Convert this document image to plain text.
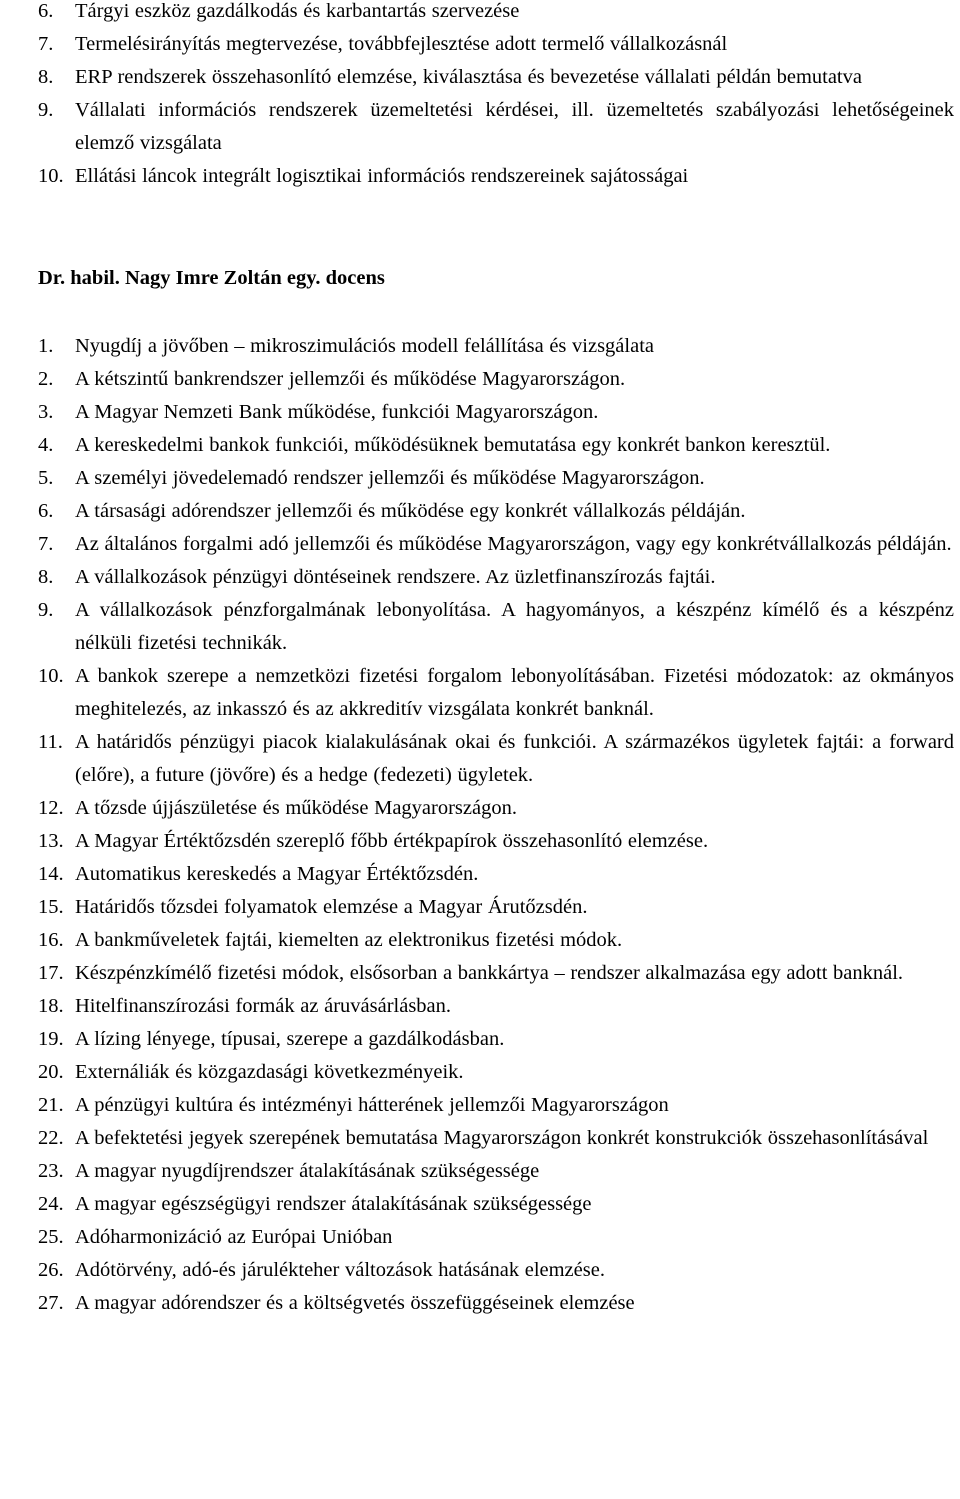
6.	Tárgyi eszköz gazdálkodás és karbantartás szervezése
7.	Termelésirányítás megtervezése, továbbfejlesztése adott termelő vállalkozásnál
8.	ERP rendszerek összehasonlító elemzése, kiválasztása és bevezetése vállalati példán bemutatva
9.	Vállalati információs rendszerek üzemeltetési kérdései, ill. üzemeltetés szabályozási lehetőségeinek elemző vizsgálata
10. Ellátási láncok integrált logisztikai információs rendszereinek sajátosságai

Dr. habil. Nagy Imre Zoltán egy. docens

1.	Nyugdíj a jövőben – mikroszimulációs modell felállítása és vizsgálata
2.	A kétszintű bankrendszer jellemzői és működése Magyarországon.
3.	A Magyar Nemzeti Bank működése, funkciói Magyarországon.
4.	A kereskedelmi bankok funkciói, működésüknek bemutatása egy konkrét bankon keresztül.
5.	A személyi jövedelemadó rendszer jellemzői és működése Magyarországon.
6.	A társasági adórendszer jellemzői és működése egy konkrét vállalkozás példáján.
7.	Az általános forgalmi adó jellemzői és működése Magyarországon, vagy egy konkrétvállalkozás példáján.
8.	A vállalkozások pénzügyi döntéseinek rendszere. Az üzletfinanszírozás fajtái.
9.	A vállalkozások pénzforgalmának lebonyolítása. A hagyományos, a készpénz kímélő és a készpénz nélküli fizetési technikák.
10. A bankok szerepe a nemzetközi fizetési forgalom lebonyolításában. Fizetési módozatok: az okmányos meghitelezés, az inkasszó és az akkreditív vizsgálata konkrét banknál.
11. A határidős pénzügyi piacok kialakulásának okai és funkciói. A származékos ügyletek fajtái: a forward (előre), a future (jövőre) és a hedge (fedezeti) ügyletek.
12. A tőzsde újjászületése és működése Magyarországon.
13. A Magyar Értéktőzsdén szereplő főbb értékpapírok összehasonlító elemzése.
14. Automatikus kereskedés a Magyar Értéktőzsdén.
15. Határidős tőzsdei folyamatok elemzése a Magyar Árutőzsdén.
16. A bankműveletek fajtái, kiemelten az elektronikus fizetési módok.
17. Készpénzkímélő fizetési módok, elsősorban a bankkártya – rendszer alkalmazása egy adott banknál.
18. Hitelfinanszírozási formák az áruvásárlásban.
19. A lízing lényege, típusai, szerepe a gazdálkodásban.
20. Externáliák és közgazdasági következményeik.
21. A pénzügyi kultúra és intézményi hátterének jellemzői Magyarországon
22. A befektetési jegyek szerepének bemutatása Magyarországon konkrét konstrukciók összehasonlításával
23. A magyar nyugdíjrendszer átalakításának szükségessége
24. A magyar egészségügyi rendszer átalakításának szükségessége
25. Adóharmonizáció az Európai Unióban
26. Adótörvény, adó-és járulékteher változások hatásának elemzése.
27. A magyar adórendszer és a költségvetés összefüggéseinek elemzése
